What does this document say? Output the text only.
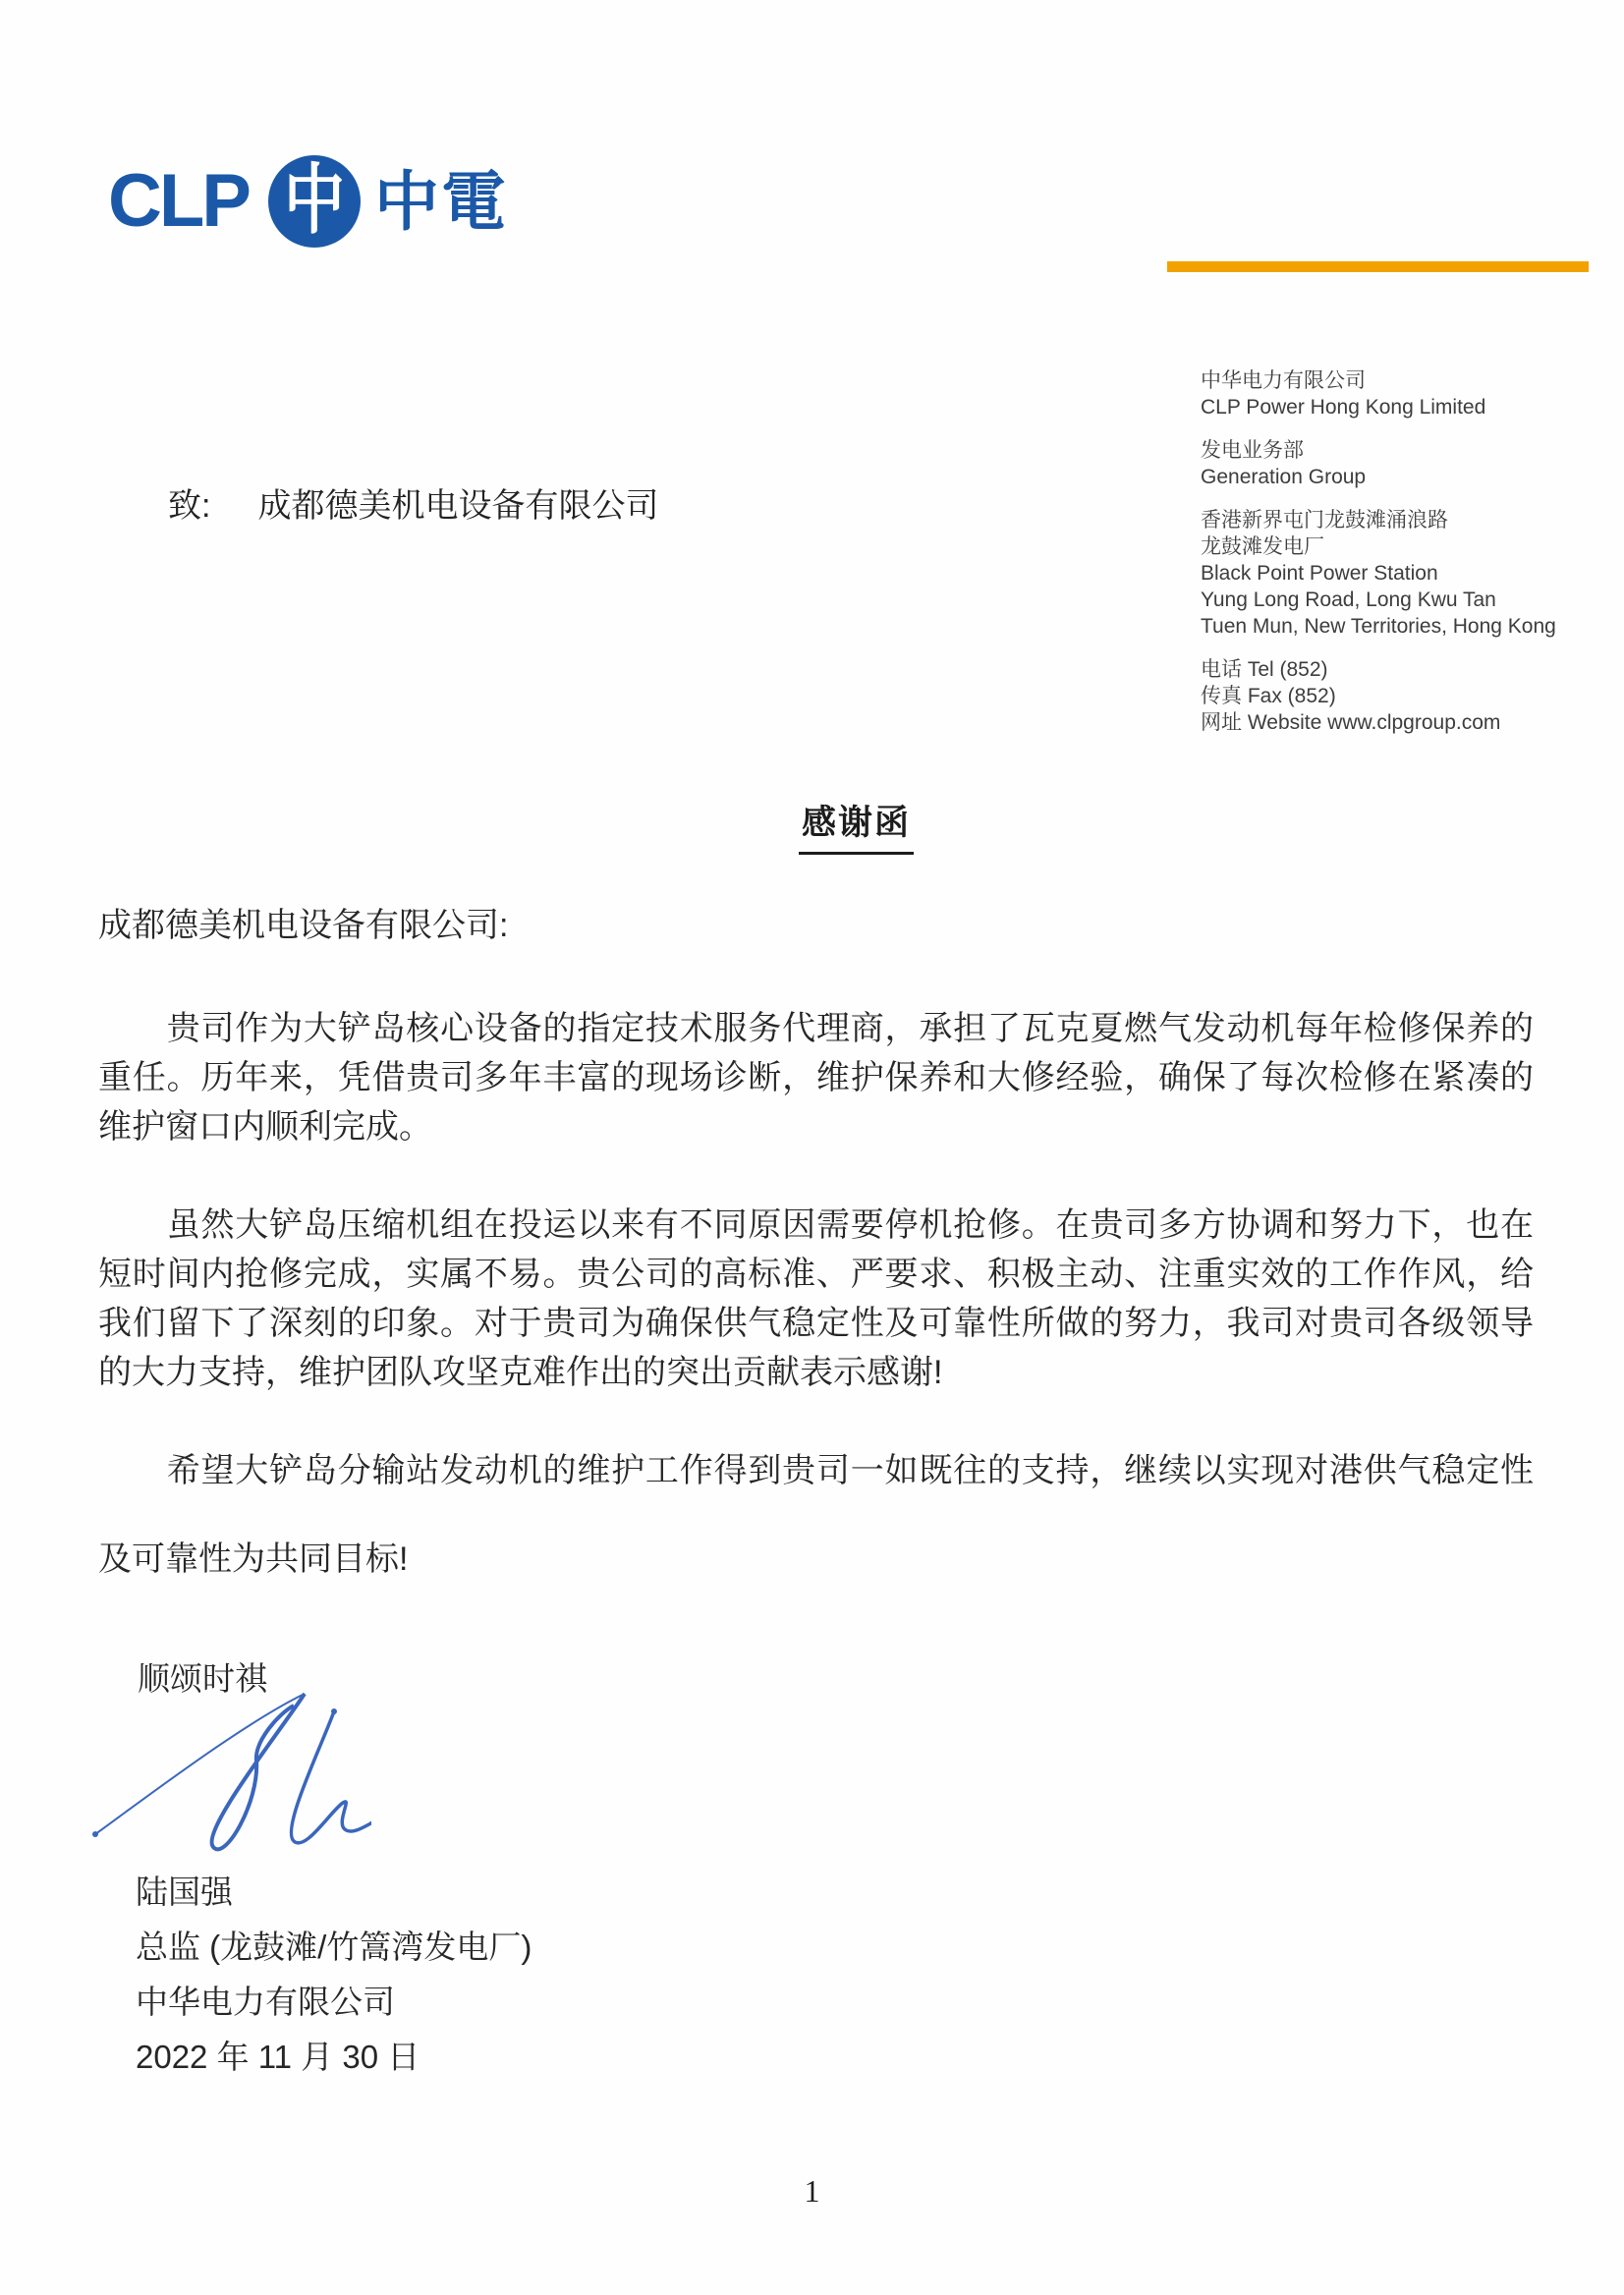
CLP 中 中電
中华电力有限公司
CLP Power Hong Kong Limited
发电业务部
Generation Group
香港新界屯门龙鼓滩涌浪路
龙鼓滩发电厂
Black Point Power Station
Yung Long Road, Long Kwu Tan
Tuen Mun, New Territories, Hong Kong
电话 Tel (852)
传真 Fax (852)
网址 Website www.clpgroup.com
致: 成都德美机电设备有限公司
感谢函
成都德美机电设备有限公司:

贵司作为大铲岛核心设备的指定技术服务代理商，承担了瓦克夏燃气发动机每年检修保养的重任。历年来，凭借贵司多年丰富的现场诊断，维护保养和大修经验，确保了每次检修在紧凑的维护窗口内顺利完成。

虽然大铲岛压缩机组在投运以来有不同原因需要停机抢修。在贵司多方协调和努力下，也在短时间内抢修完成，实属不易。贵公司的高标准、严要求、积极主动、注重实效的工作作风，给我们留下了深刻的印象。对于贵司为确保供气稳定性及可靠性所做的努力，我司对贵司各级领导的大力支持，维护团队攻坚克难作出的突出贡献表示感谢!

希望大铲岛分输站发动机的维护工作得到贵司一如既往的支持，继续以实现对港供气稳定性及可靠性为共同目标!

顺颂时祺
陆国强
总监 (龙鼓滩/竹篙湾发电厂)
中华电力有限公司
2022 年 11 月 30 日
1
